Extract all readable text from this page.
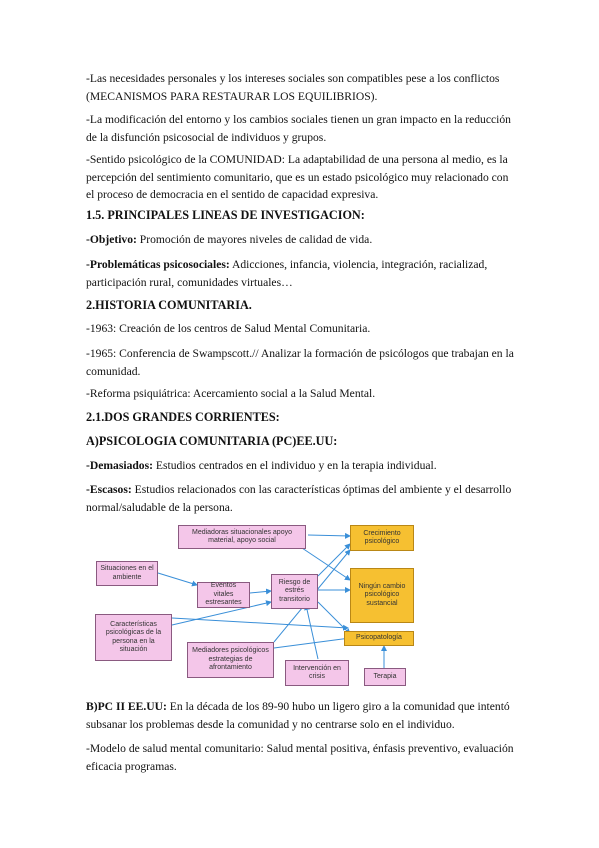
-Las necesidades personales y los intereses sociales son compatibles pese a los conflictos (MECANISMOS PARA RESTAURAR LOS EQUILIBRIOS).

-La modificación del entorno y los cambios sociales tienen un gran impacto en la reducción de la disfunción psicosocial de individuos y grupos.

-Sentido psicológico de la COMUNIDAD: La adaptabilidad de una persona al medio, es la percepción del sentimiento comunitario, que es un estado psicológico muy relacionado con el proceso de democracia en el sentido de capacidad expresiva.

1.5. PRINCIPALES LINEAS DE INVESTIGACION:

-Objetivo: Promoción de mayores niveles de calidad de vida.

-Problemáticas psicosociales: Adicciones, infancia, violencia, integración, racializad, participación rural, comunidades virtuales…

2.HISTORIA COMUNITARIA.

-1963: Creación de los centros de Salud Mental Comunitaria.

-1965: Conferencia de Swampscott.// Analizar la formación de psicólogos que trabajan en la comunidad.

-Reforma psiquiátrica: Acercamiento social a la Salud Mental.

2.1.DOS GRANDES CORRIENTES:

A)PSICOLOGIA COMUNITARIA (PC)EE.UU:

-Demasiados: Estudios centrados en el individuo y en la terapia individual.

-Escasos: Estudios relacionados con las características óptimas del ambiente y el desarrollo normal/saludable de la persona.

Mediadoras situacionales apoyo material, apoyo social
Situaciones en el ambiente
Eventos vitales estresantes
Riesgo de estrés transitorio
Características psicológicas de la persona en la situación	Mediadores psicológicos estrategias de afrontamiento	Intervención en crisis
Crecimiento psicológico
Ningún cambio psicológico sustancial
Psicopatología
Terapia

B)PC II EE.UU: En la década de los 89-90 hubo un ligero giro a la comunidad que intentó subsanar los problemas desde la comunidad y no centrarse solo en el individuo.

-Modelo de salud mental comunitario: Salud mental positiva, énfasis preventivo, evaluación eficacia programas.
